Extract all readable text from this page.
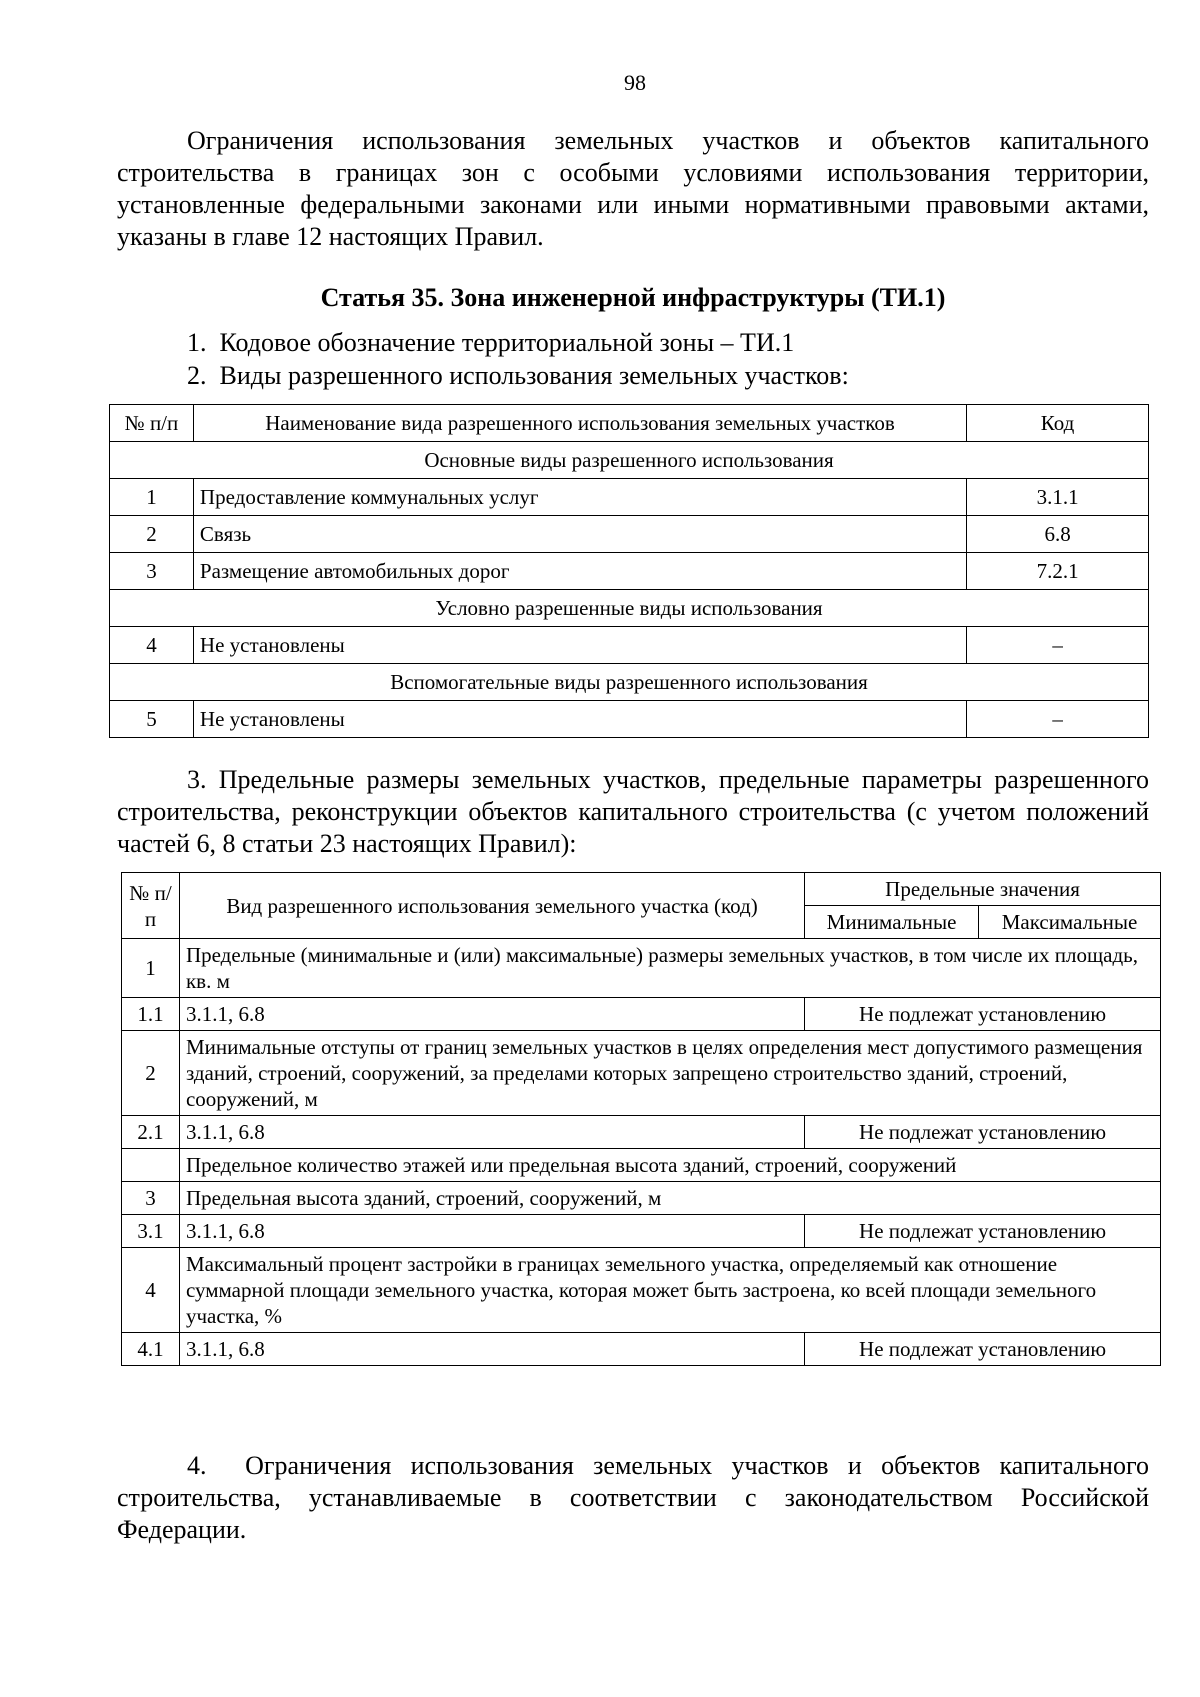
98

Ограничения использования земельных участков и объектов капитального строительства в границах зон с особыми условиями использования территории, установленные федеральными законами или иными нормативными правовыми актами, указаны в главе 12 настоящих Правил.

Статья 35. Зона инженерной инфраструктуры (ТИ.1)
1.  Кодовое обозначение территориальной зоны – ТИ.1
2.  Виды разрешенного использования земельных участков:
№ п/п	Наименование вида разрешенного использования земельных участков	Код
Основные виды разрешенного использования		
1	Предоставление коммунальных услуг	3.1.1
2	Связь	6.8
3	Размещение автомобильных дорог	7.2.1
Условно разрешенные виды использования		
4	Не установлены	–
Вспомогательные виды разрешенного использования		
5	Не установлены	–

3. Предельные размеры земельных участков, предельные параметры разрешенного строительства, реконструкции объектов капитального строительства (с учетом положений частей 6, 8 статьи 23 настоящих Правил):

№ п/п	Вид разрешенного использования земельного участка (код)	Предельные значения	
		Минимальные	Максимальные
1	Предельные (минимальные и (или) максимальные) размеры земельных участков, в том числе их площадь, кв. м		
1.1	3.1.1, 6.8	Не подлежат установлению	
2	Минимальные отступы от границ земельных участков в целях определения мест допустимого размещения зданий, строений, сооружений, за пределами которых запрещено строительство зданий, строений, сооружений, м		
2.1	3.1.1, 6.8	Не подлежат установлению	
	Предельное количество этажей или предельная высота зданий, строений, сооружений		
3	Предельная высота зданий, строений, сооружений, м		
3.1	3.1.1, 6.8	Не подлежат установлению	
4	Максимальный процент застройки в границах земельного участка, определяемый как отношение суммарной площади земельного участка, которая может быть застроена, ко всей площади земельного участка, %		
4.1	3.1.1, 6.8	Не подлежат установлению	

4.  Ограничения использования земельных участков и объектов капитального строительства, устанавливаемые в соответствии с законодательством Российской Федерации.
